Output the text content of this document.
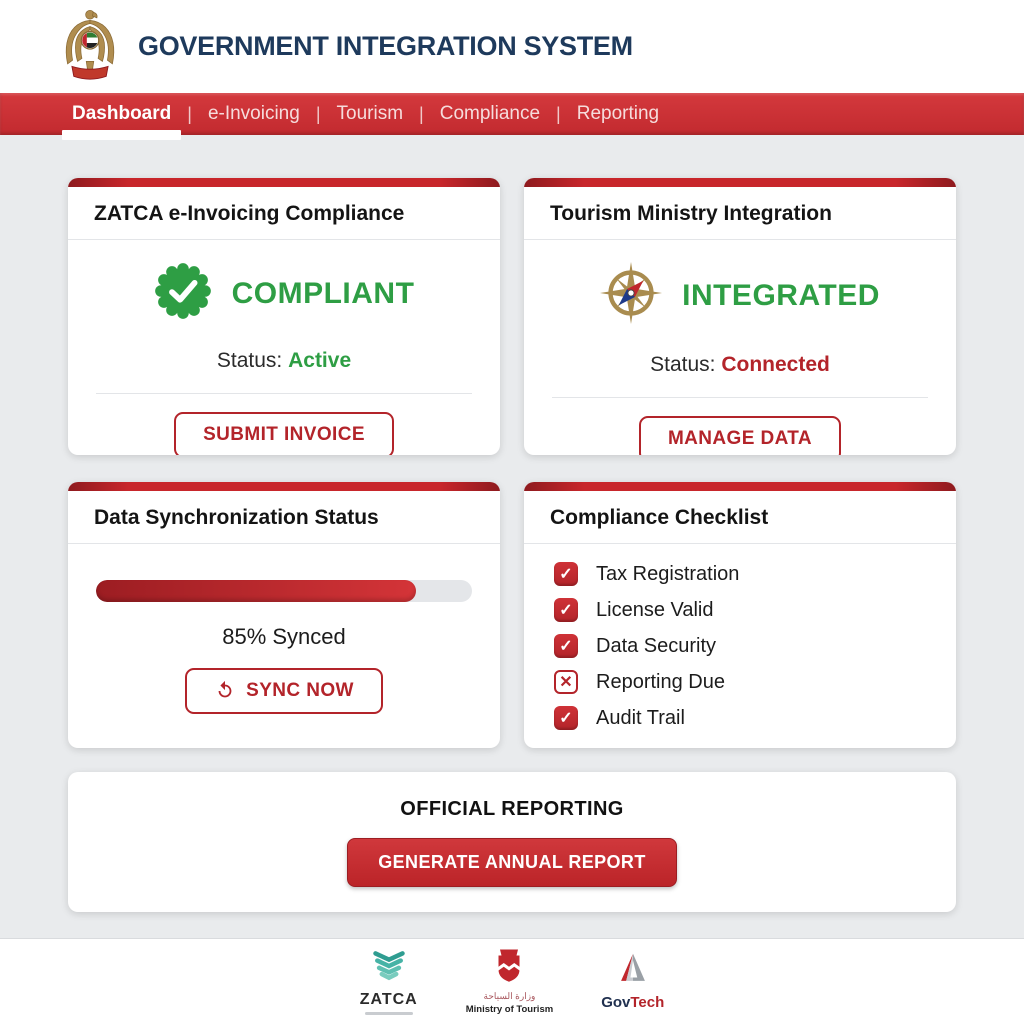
GOVERNMENT INTEGRATION SYSTEM
Dashboard | e-Invoicing | Tourism | Compliance | Reporting
ZATCA e-Invoicing Compliance
COMPLIANT
Status: Active
SUBMIT INVOICE
Tourism Ministry Integration
INTEGRATED
Status: Connected
MANAGE DATA
Data Synchronization Status
85% Synced
SYNC NOW
Compliance Checklist
✓ Tax Registration
✓ License Valid
✓ Data Security
✕ Reporting Due
✓ Audit Trail
OFFICIAL REPORTING
GENERATE ANNUAL REPORT
ZATCA	وزارة السياحة
Ministry of Tourism	GovTech
